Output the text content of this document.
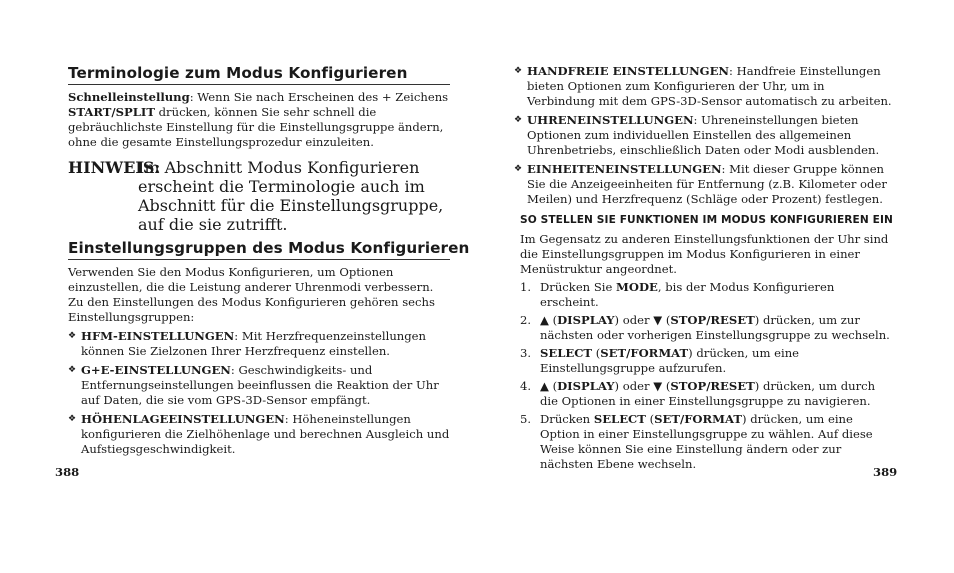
Terminologie zum Modus Konfigurieren

Schnelleinstellung: Wenn Sie nach Erscheinen des + Zeichens START/SPLIT drücken, können Sie sehr schnell die gebräuchlichste Einstellung für die Einstellungsgruppe ändern, ohne die gesamte Einstellungsprozedur einzuleiten.

HINWEIS:
Im Abschnitt Modus Konfigurieren erscheint die Terminologie auch im Abschnitt für die Einstellungsgruppe, auf die sie zutrifft.
Einstellungsgruppen des Modus Konfigurieren

Verwenden Sie den Modus Konfigurieren, um Optionen einzustellen, die die Leistung anderer Uhrenmodi verbessern. Zu den Einstellungen des Modus Konfigurieren gehören sechs Einstellungsgruppen:

❖ HFM-EINSTELLUNGEN: Mit Herzfrequenzeinstellungen können Sie Zielzonen Ihrer Herzfrequenz einstellen.
❖ G+E-EINSTELLUNGEN: Geschwindigkeits- und Entfernungseinstellungen beeinflussen die Reaktion der Uhr auf Daten, die sie vom GPS-3D-Sensor empfängt.
❖ HÖHENLAGEEINSTELLUNGEN: Höheneinstellungen konfigurieren die Zielhöhenlage und berechnen Ausgleich und Aufstiegsgeschwindigkeit.
❖ HANDFREIE EINSTELLUNGEN: Handfreie Einstellungen bieten Optionen zum Konfigurieren der Uhr, um in Verbindung mit dem GPS-3D-Sensor automatisch zu arbeiten.
❖ UHRENEINSTELLUNGEN: Uhreneinstellungen bieten Optionen zum individuellen Einstellen des allgemeinen Uhrenbetriebs, einschließlich Daten oder Modi ausblenden.
❖ EINHEITENEINSTELLUNGEN: Mit dieser Gruppe können Sie die Anzeigeeinheiten für Entfernung (z.B. Kilometer oder Meilen) und Herzfrequenz (Schläge oder Prozent) festlegen.
SO STELLEN SIE FUNKTIONEN IM MODUS KONFIGURIEREN EIN

Im Gegensatz zu anderen Einstellungsfunktionen der Uhr sind die Einstellungsgruppen im Modus Konfigurieren in einer Menüstruktur angeordnet.

1. Drücken Sie MODE, bis der Modus Konfigurieren erscheint.
2. ▲ (DISPLAY) oder ▼ (STOP/RESET) drücken, um zur nächsten oder vorherigen Einstellungsgruppe zu wechseln.
3. SELECT (SET/FORMAT) drücken, um eine Einstellungsgruppe aufzurufen.
4. ▲ (DISPLAY) oder ▼ (STOP/RESET) drücken, um durch die Optionen in einer Einstellungsgruppe zu navigieren.
5. Drücken SELECT (SET/FORMAT) drücken, um eine Option in einer Einstellungsgruppe zu wählen. Auf diese Weise können Sie eine Einstellung ändern oder zur nächsten Ebene wechseln.
388	389
